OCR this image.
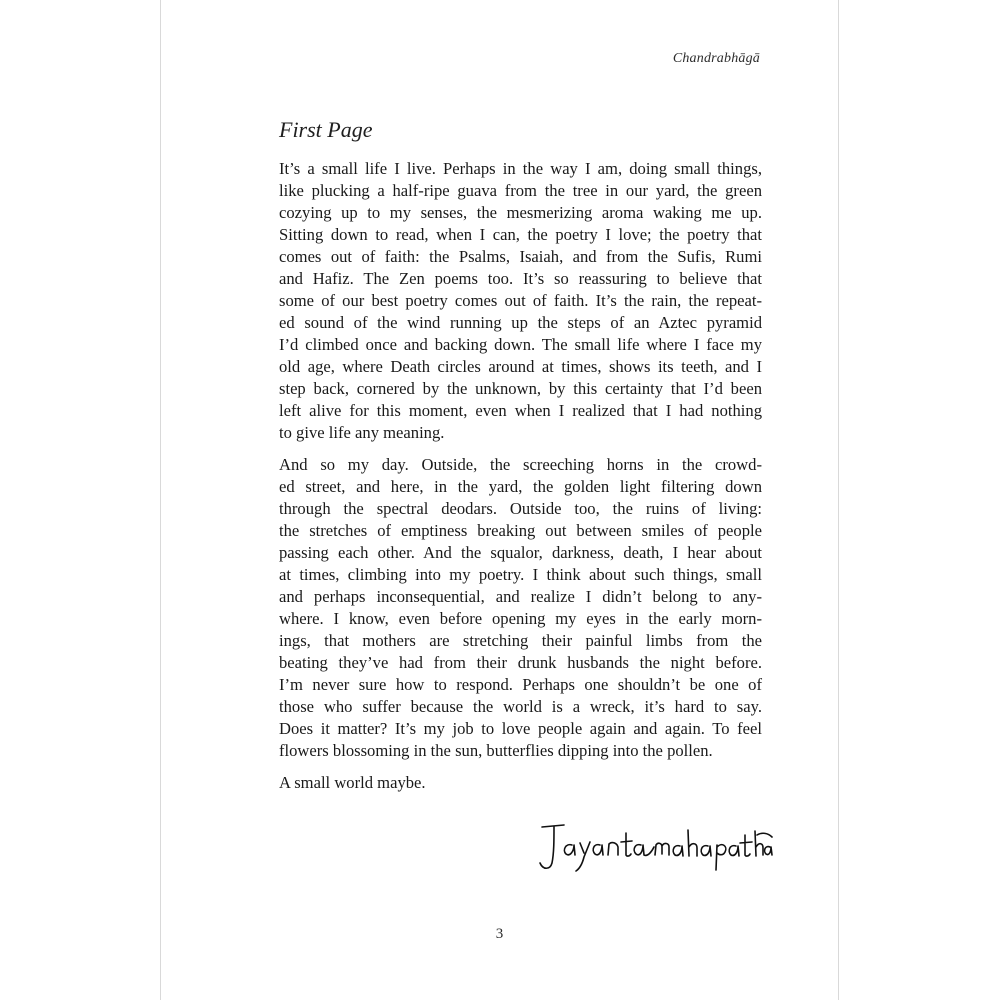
Chandrabhāgā

First Page
It’s a small life I live. Perhaps in the way I am, doing small things,
like plucking a half-ripe guava from the tree in our yard, the green
cozying up to my senses, the mesmerizing aroma waking me up.
Sitting down to read, when I can, the poetry I love; the poetry that
comes out of faith: the Psalms, Isaiah, and from the Sufis, Rumi
and Hafiz. The Zen poems too. It’s so reassuring to believe that
some of our best poetry comes out of faith. It’s the rain, the repeat-
ed sound of the wind running up the steps of an Aztec pyramid
I’d climbed once and backing down. The small life where I face my
old age, where Death circles around at times, shows its teeth, and I
step back, cornered by the unknown, by this certainty that I’d been
left alive for this moment, even when I realized that I had nothing
to give life any meaning.
And so my day. Outside, the screeching horns in the crowd-
ed street, and here, in the yard, the golden light filtering down
through the spectral deodars. Outside too, the ruins of living:
the stretches of emptiness breaking out between smiles of people
passing each other. And the squalor, darkness, death, I hear about
at times, climbing into my poetry. I think about such things, small
and perhaps inconsequential, and realize I didn’t belong to any-
where. I know, even before opening my eyes in the early morn-
ings, that mothers are stretching their painful limbs from the
beating they’ve had from their drunk husbands the night before.
I’m never sure how to respond. Perhaps one shouldn’t be one of
those who suffer because the world is a wreck, it’s hard to say.
Does it matter? It’s my job to love people again and again. To feel
flowers blossoming in the sun, butterflies dipping into the pollen.
A small world maybe.

3
